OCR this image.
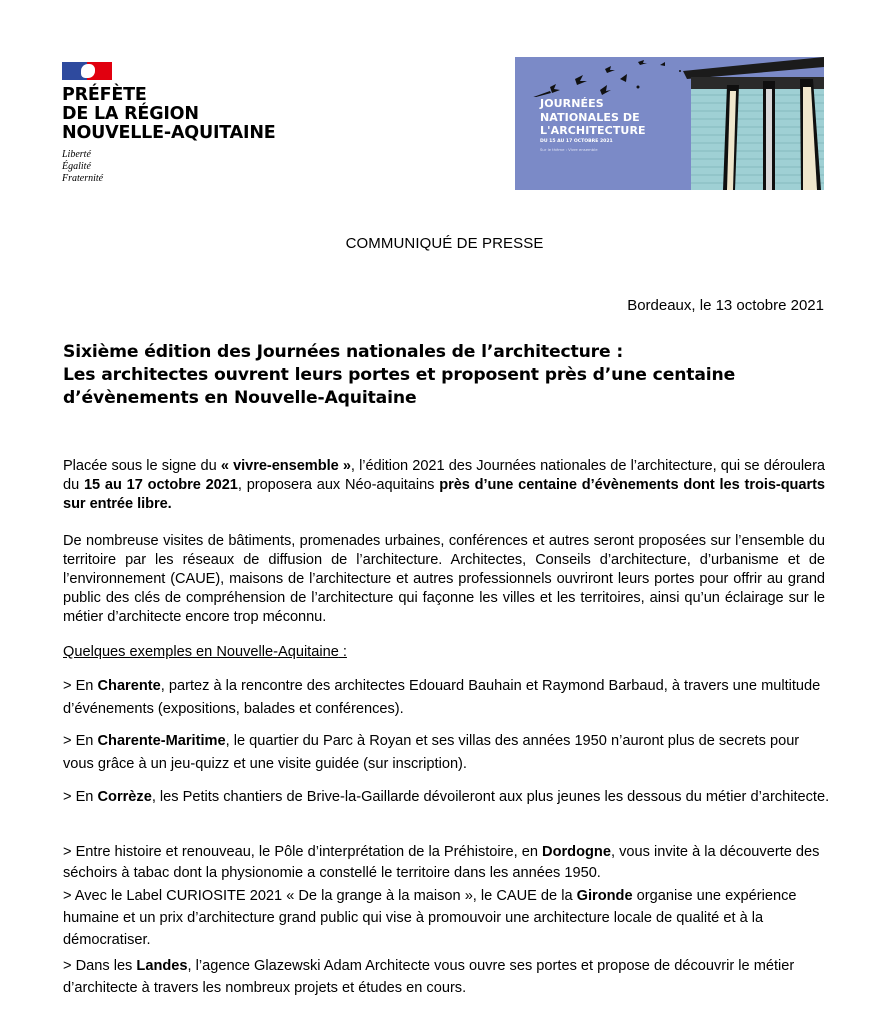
PRÉFÈTE
DE LA RÉGION
NOUVELLE-AQUITAINE
Liberté
Égalité
Fraternité
JOURNÉES
NATIONALES DE
L'ARCHITECTURE
DU 15 AU 17 OCTOBRE 2021
Sur le thème : Vivre ensemble
COMMUNIQUÉ DE PRESSE
Bordeaux, le 13 octobre 2021
Sixième édition des Journées nationales de l’architecture :
Les architectes ouvrent leurs portes et proposent près d’une centaine
d’évènements en Nouvelle-Aquitaine
Placée sous le signe du « vivre-ensemble », l’édition 2021 des Journées nationales de l’architecture, qui se déroulera du 15 au 17 octobre 2021, proposera aux Néo-aquitains près d’une centaine d’évènements dont les trois-quarts sur entrée libre.
De nombreuse visites de bâtiments, promenades urbaines, conférences et autres seront proposées sur l’ensemble du territoire par les réseaux de diffusion de l’architecture. Architectes, Conseils d’architecture, d’urbanisme et de l’environnement (CAUE), maisons de l’architecture et autres professionnels ouvriront leurs portes pour offrir au grand public des clés de compréhension de l’architecture qui façonne les villes et les territoires, ainsi qu’un éclairage sur le métier d’architecte encore trop méconnu.
Quelques exemples en Nouvelle-Aquitaine :
> En Charente, partez à la rencontre des architectes Edouard Bauhain et Raymond Barbaud, à travers une multitude d’événements (expositions, balades et conférences).
> En Charente-Maritime, le quartier du Parc à Royan et ses villas des années 1950 n’auront plus de secrets pour vous grâce à un jeu-quizz et une visite guidée (sur inscription).
> En Corrèze, les Petits chantiers de Brive-la-Gaillarde dévoileront aux plus jeunes les dessous du métier d’architecte.
> Entre histoire et renouveau, le Pôle d’interprétation de la Préhistoire, en Dordogne, vous invite à la découverte des séchoirs à tabac dont la physionomie a constellé le territoire dans les années 1950.
> Avec le Label CURIOSITE 2021 « De la grange à la maison », le CAUE de la Gironde organise une expérience humaine et un prix d’architecture grand public qui vise à promouvoir une architecture locale de qualité et à la démocratiser.
> Dans les Landes, l’agence Glazewski Adam Architecte vous ouvre ses portes et propose de découvrir le métier d’architecte à travers les nombreux projets et études en cours.
